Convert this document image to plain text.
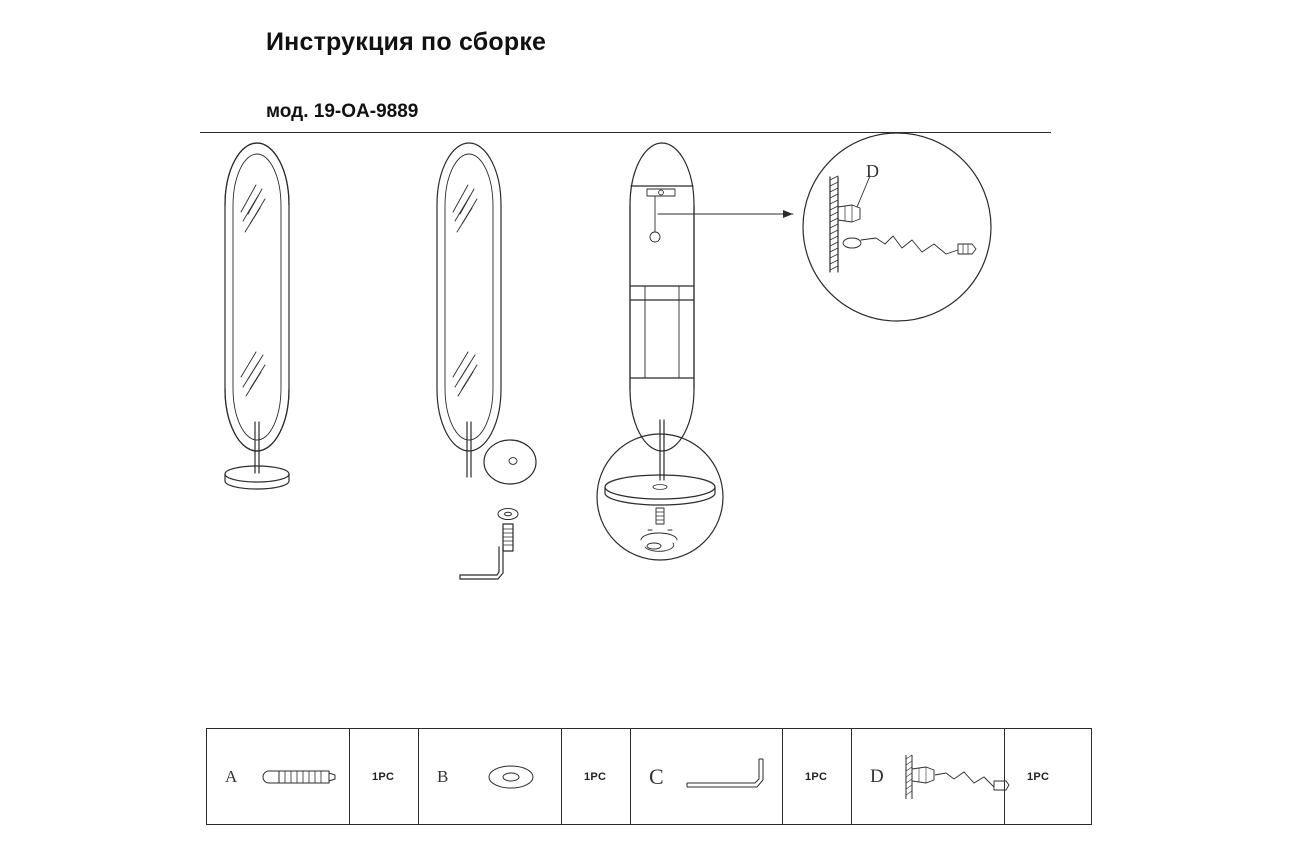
Инструкция по сборке
мод. 19-OA-9889
D
A	1PC	B	1PC C	1PC D	1PC
